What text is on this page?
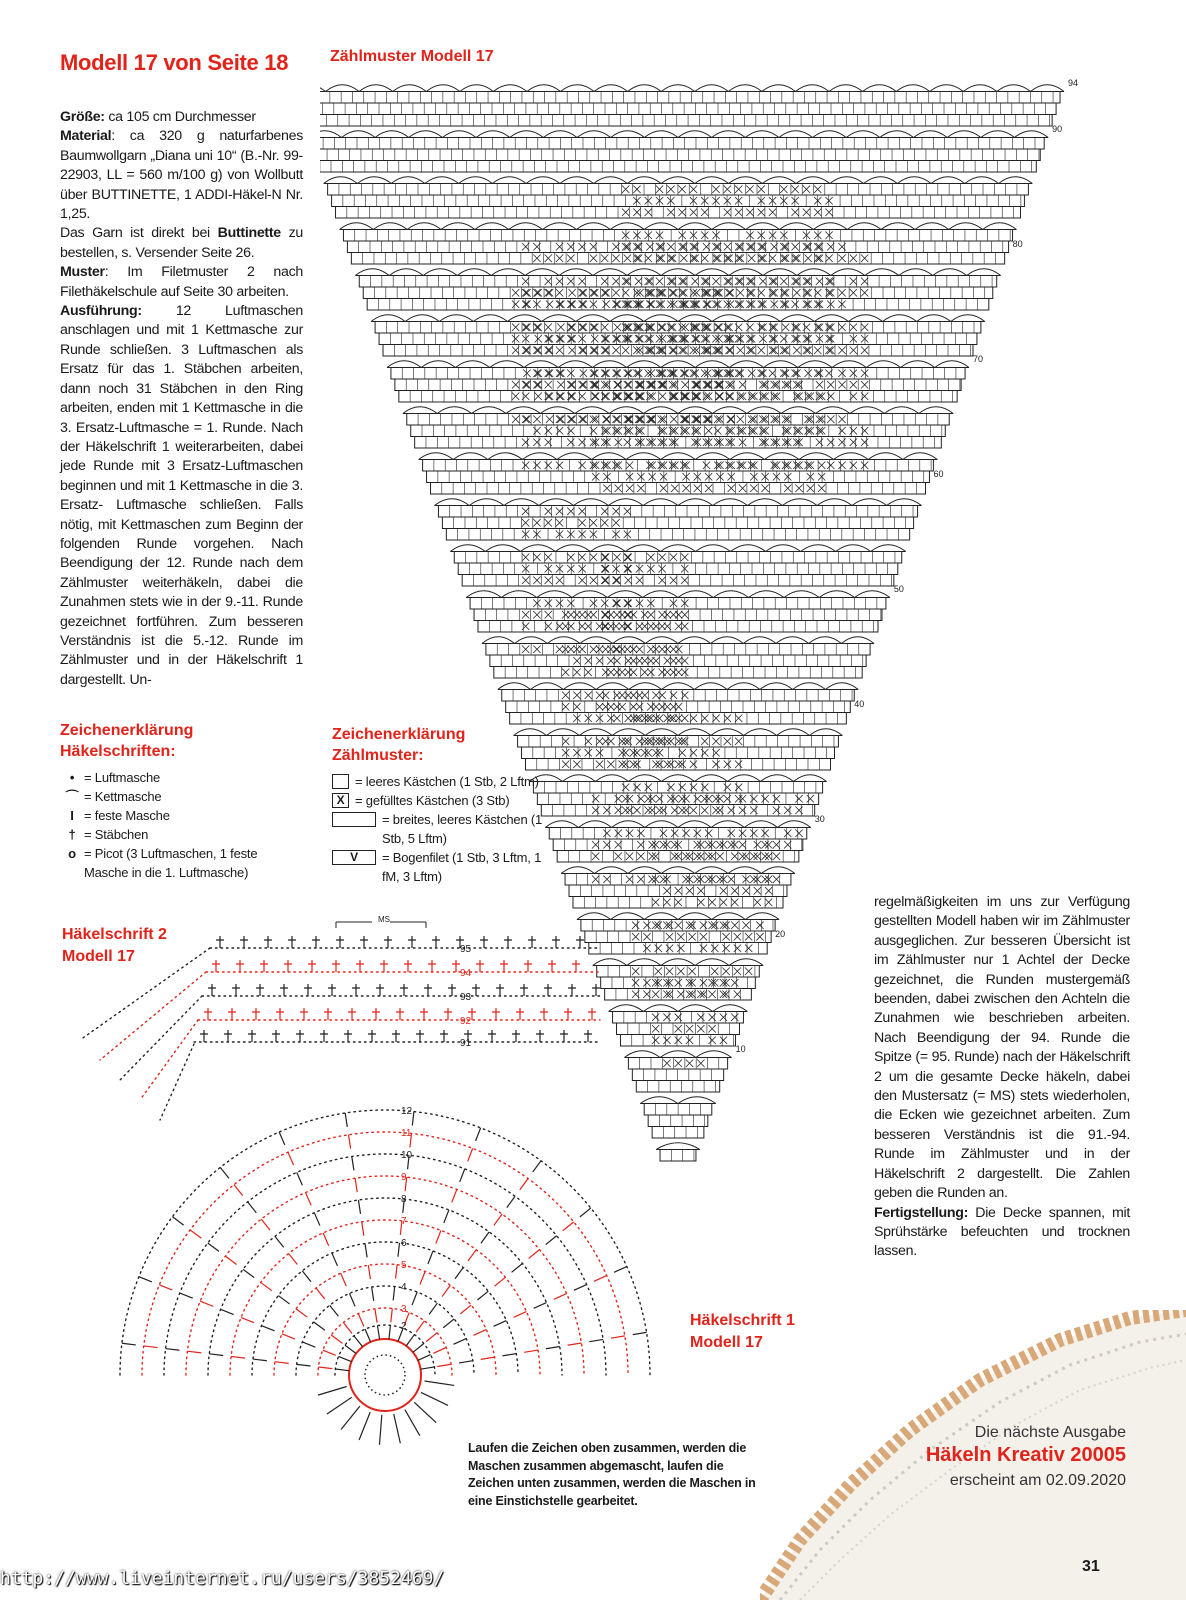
Modell 17 von Seite 18

Größe: ca 105 cm Durchmesser

Material: ca 320 g naturfarbenes Baumwollgarn „Diana uni 10“ (B.-Nr. 99-22903, LL = 560 m/100 g) von Wollbutt über BUTTINETTE, 1 ADDI-Häkel-N Nr. 1,25.

Das Garn ist direkt bei Buttinette zu bestellen, s. Versender Seite 26.

Muster: Im Filetmuster 2 nach Filethäkelschule auf Seite 30 arbeiten.

Ausführung: 12 Luftmaschen anschlagen und mit 1 Kettmasche zur Runde schließen. 3 Luftmaschen als Ersatz für das 1. Stäbchen arbeiten, dann noch 31 Stäbchen in den Ring arbeiten, enden mit 1 Kettmasche in die 3. Ersatz-Luftmasche = 1. Runde. Nach der Häkelschrift 1 weiterarbeiten, dabei jede Runde mit 3 Ersatz-Luftmaschen beginnen und mit 1 Kettmasche in die 3. Ersatz- Luftmasche schließen. Falls nötig, mit Kettmaschen zum Beginn der folgenden Runde vorgehen. Nach Beendigung der 12. Runde nach dem Zählmuster weiterhäkeln, dabei die Zunahmen stets wie in der 9.-11. Runde gezeichnet fortführen. Zum besseren Verständnis ist die 5.-12. Runde im Zählmuster und in der Häkelschrift 1 dargestellt. Un-

regelmäßigkeiten im uns zur Verfügung gestellten Modell haben wir im Zählmuster ausgeglichen. Zur besseren Übersicht ist im Zählmuster nur 1 Achtel der Decke gezeichnet, die Runden mustergemäß beenden, dabei zwischen den Achteln die Zunahmen wie beschrieben arbeiten. Nach Beendigung der 94. Runde die Spitze (= 95. Runde) nach der Häkelschrift 2 um die gesamte Decke häkeln, dabei den Mustersatz (= MS) stets wiederholen, die Ecken wie gezeichnet arbeiten. Zum besseren Verständnis ist die 91.-94. Runde im Zählmuster und in der Häkelschrift 2 dargestellt. Die Zahlen geben die Runden an.

Fertigstellung: Die Decke spannen, mit Sprühstärke befeuchten und trocknen lassen.

Zeichenerklärung
Häkelschriften:
• = Luftmasche
⌒ = Kettmasche
I = feste Masche
† = Stäbchen
o = Picot (3 Luftmaschen, 1 feste Masche in die 1. Luftmasche)
Zeichenerklärung
Zählmuster:
= leeres Kästchen (1 Stb, 2 Lftm)
X = gefülltes Kästchen (3 Stb)
= breites, leeres Kästchen (1 Stb, 5 Lftm)
V	= Bogenfilet (1 Stb, 3 Lftm, 1 fM, 3 Lftm)
Zählmuster Modell 17
94
90
80
70
60
50
40
30
20
10
Häkelschrift 2
Modell 17
MS
95
94
93
92
91
12
11
10
9
8
7
6
5
4
3
2	Häkelschrift 1
Modell 17
Laufen die Zeichen oben zusammen, werden die Maschen zusammen abgemascht, laufen die Zeichen unten zusammen, werden die Maschen in eine Einstichstelle gearbeitet.
Die nächste Ausgabe
Häkeln Kreativ 20005
erscheint am 02.09.2020
31
http://www.liveinternet.ru/users/3852469/
